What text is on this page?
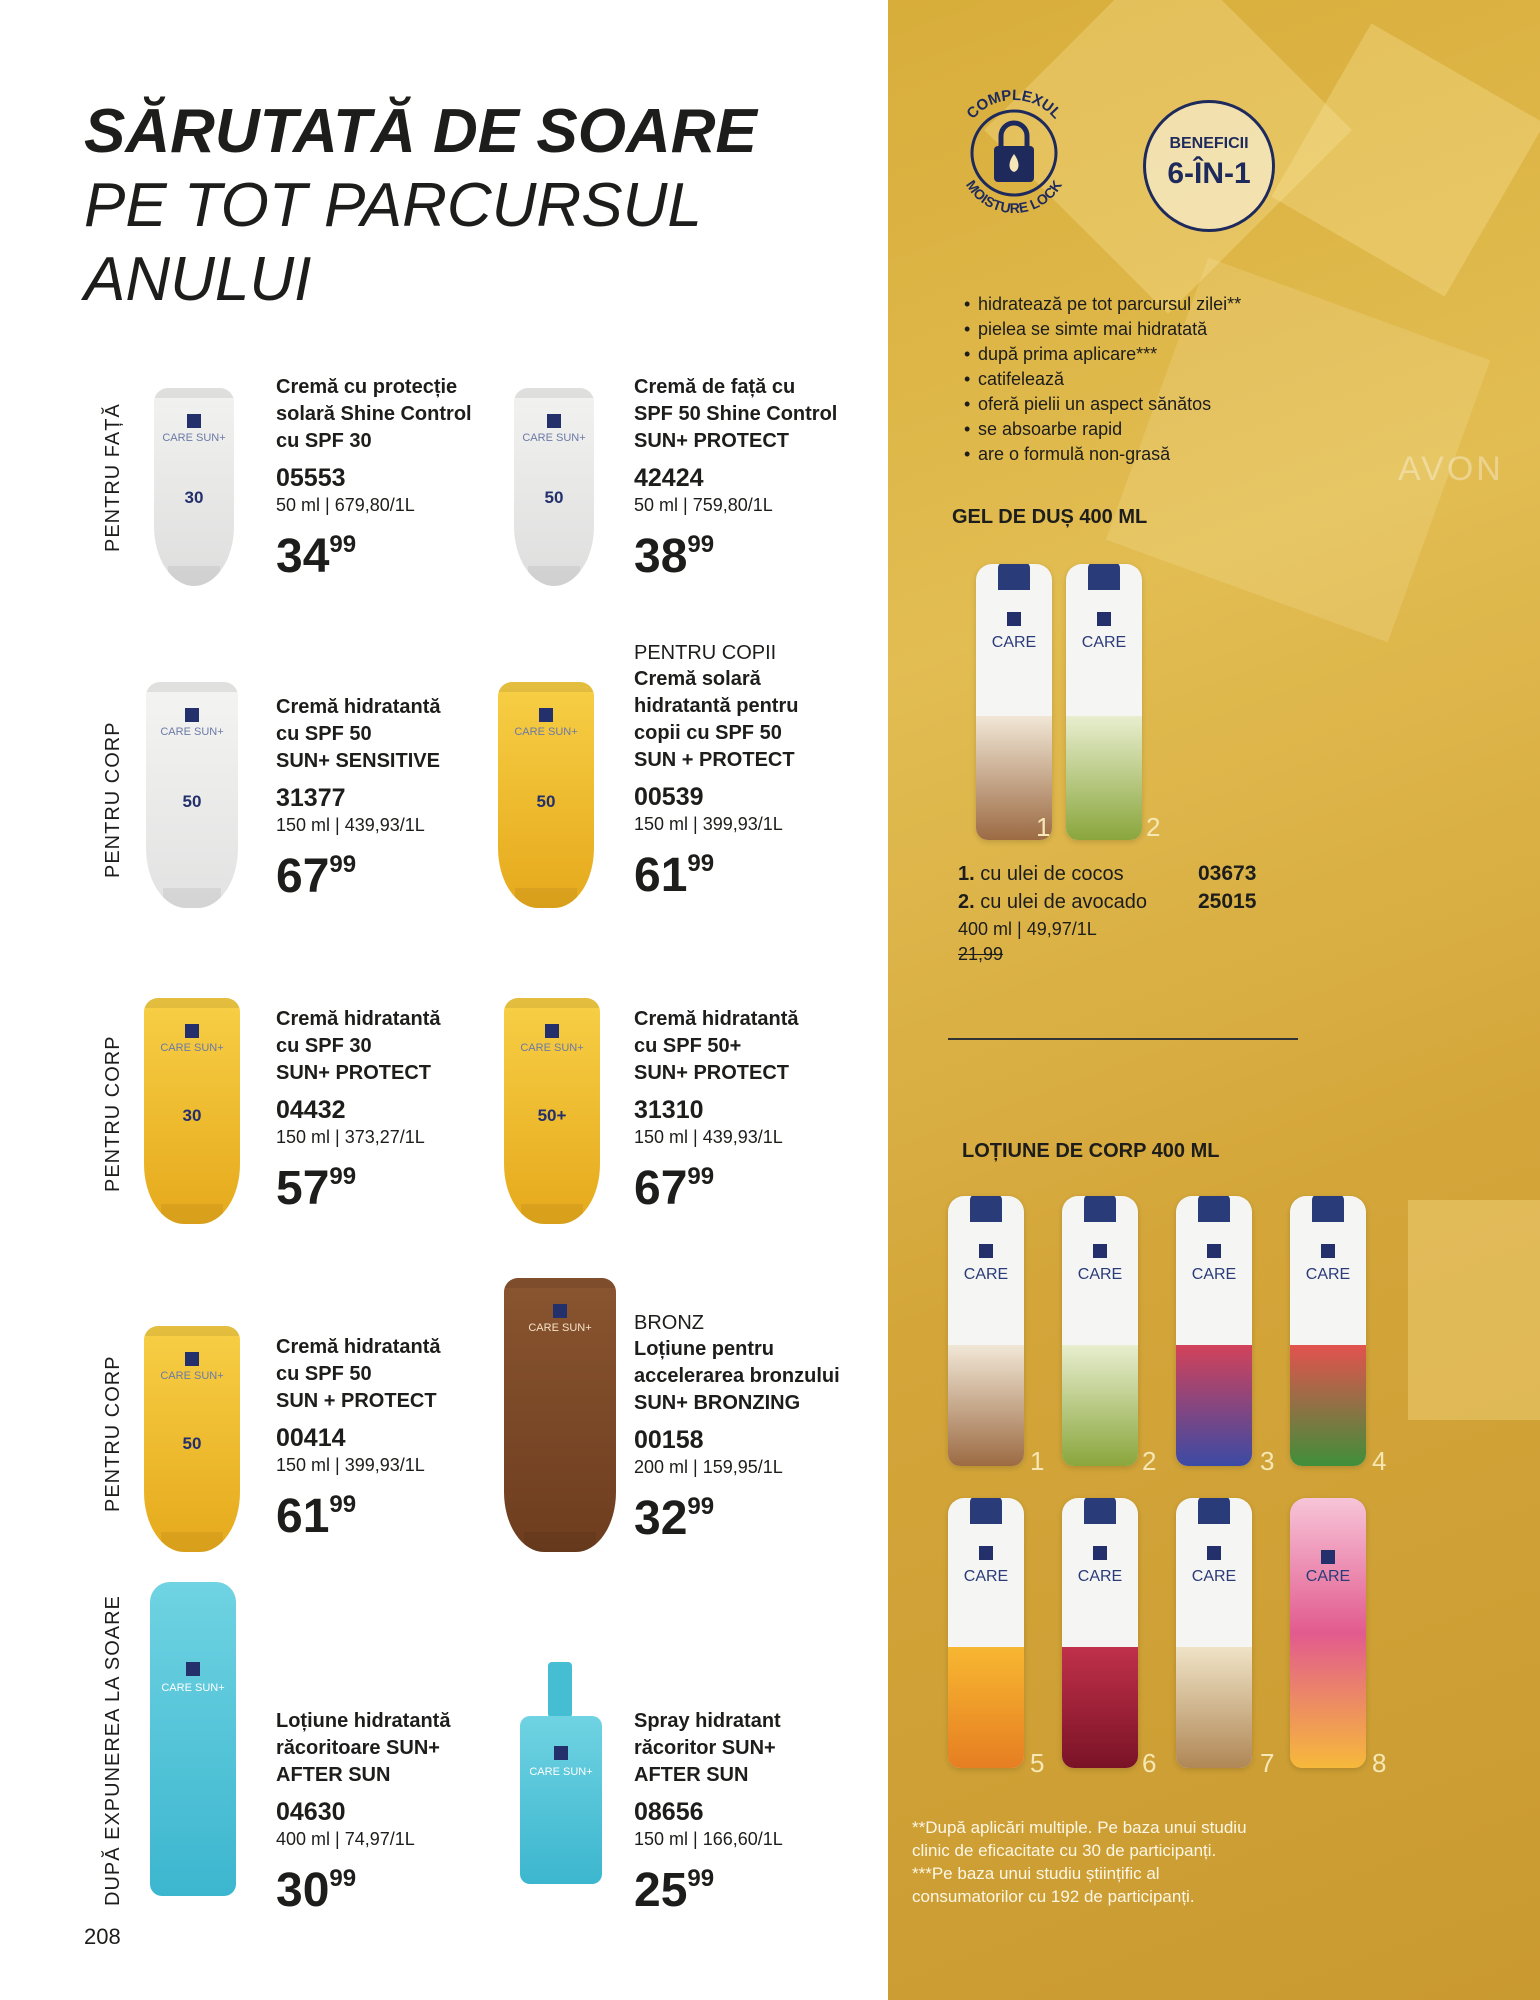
SĂRUTATĂ DE SOARE
PE TOT PARCURSUL
ANULUI
PENTRU FAȚĂ
PENTRU CORP
PENTRU CORP
PENTRU CORP
DUPĂ EXPUNEREA LA SOARE
CARE SUN+
30
Cremă cu protecție
solară Shine Control
cu SPF 30
05553
50 ml | 679,80/1L
$34^{99}$
CARE SUN+
50
Cremă de față cu
SPF 50 Shine Control
SUN+ PROTECT
42424
50 ml | 759,80/1L
$38^{99}$
CARE SUN+
50
Cremă hidratantă
cu SPF 50
SUN+ SENSITIVE
31377
150 ml | 439,93/1L
$67^{99}$
CARE SUN+
50
PENTRU COPII
Cremă solară
hidratantă pentru
copii cu SPF 50
SUN + PROTECT
00539
150 ml | 399,93/1L
$61^{99}$
CARE SUN+
30
Cremă hidratantă
cu SPF 30
SUN+ PROTECT
04432
150 ml | 373,27/1L
$57^{99}$
CARE SUN+
50+
Cremă hidratantă
cu SPF 50+
SUN+ PROTECT
31310
150 ml | 439,93/1L
$67^{99}$
CARE SUN+
50
Cremă hidratantă
cu SPF 50
SUN + PROTECT
00414
150 ml | 399,93/1L
$61^{99}$
CARE SUN+	BRONZ
Loțiune pentru
accelerarea bronzului
SUN+ BRONZING
00158
200 ml | 159,95/1L
$32^{99}$
CARE SUN+
Loțiune hidratantă
răcoritoare SUN+
AFTER SUN
04630
400 ml | 74,97/1L
$30^{99}$
CARE SUN+
Spray hidratant
răcoritor SUN+
AFTER SUN
08656
150 ml | 166,60/1L
$25^{99}$
208
COMPLEXUL
MOISTURE LOCK
BENEFICII
6-ÎN-1
• hidratează pe tot parcursul zilei**
• pielea se simte mai hidratată
• după prima aplicare***
• catifelează
• oferă pielii un aspect sănătos
• se absoarbe rapid
• are o formulă non-grasă	AVON
GEL DE DUȘ 400 ML
CARE
1
CARE
2
1. cu ulei de cocos	03673
2. cu ulei de avocado 25015
400 ml | 49,97/1L
21,99
LOȚIUNE DE CORP 400 ML
CARE
1
CARE
2
CARE
3
CARE
4
CARE
5
CARE
6
CARE
7
CARE
8

**După aplicări multiple. Pe baza unui studiu

clinic de eficacitate cu 30 de participanți.

***Pe baza unui studiu științific al

consumatorilor cu 192 de participanți.
